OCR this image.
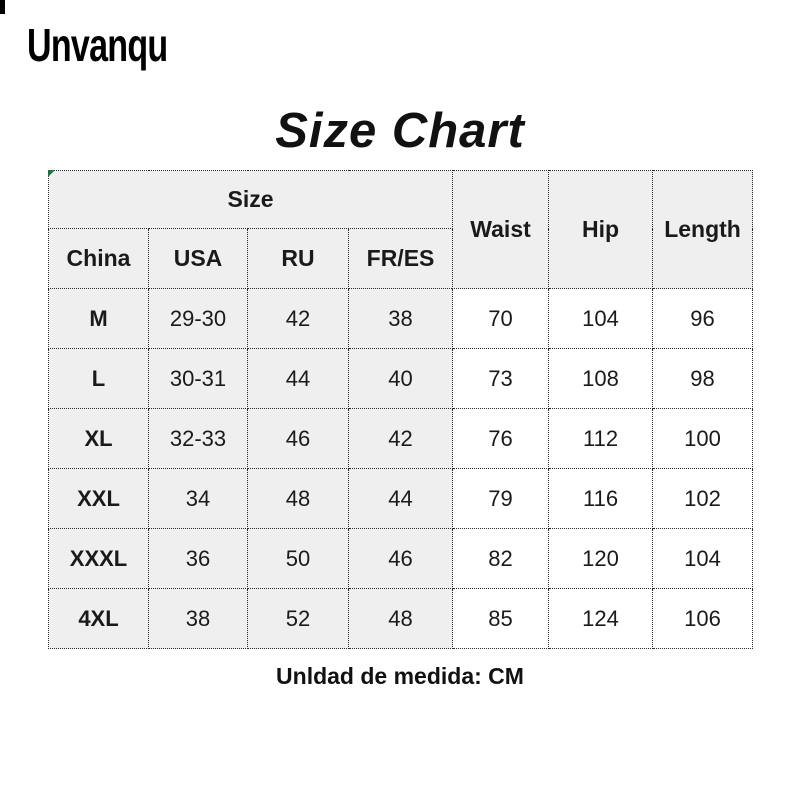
Unvanqu
Size Chart
Size				Waist	Hip	Length
China	USA	RU	FR/ES			
M	29-30	42	38	70	104	96
L	30-31	44	40	73	108	98
XL	32-33	46	42	76	112	100
XXL	34	48	44	79	116	102
XXXL	36	50	46	82	120	104
4XL	38	52	48	85	124	106
Unldad de medida: CM
